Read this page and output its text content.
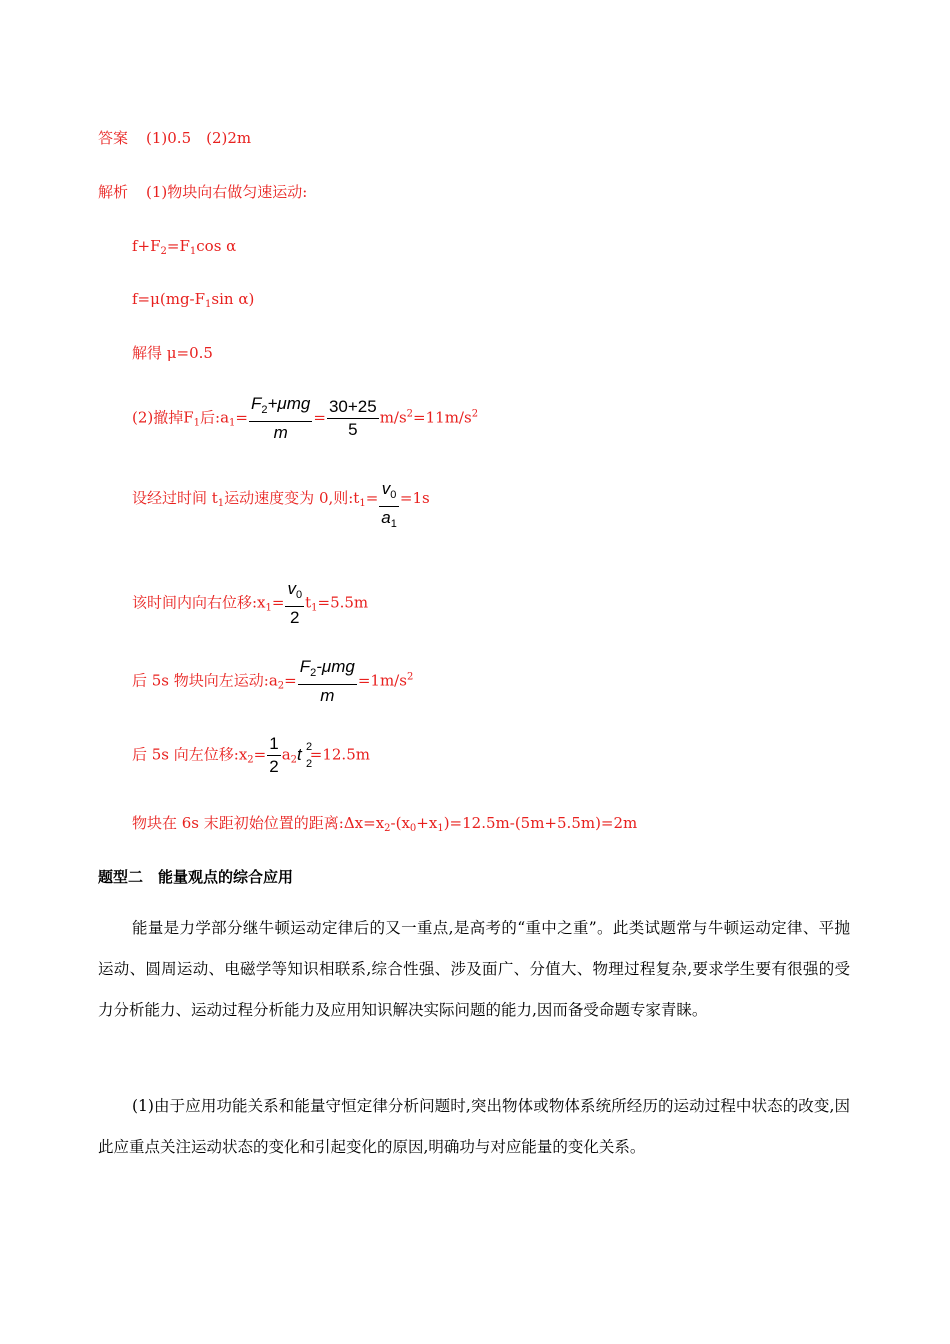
答案 (1)0.5　(2)2m
解析 (1)物块向右做匀速运动:
$f+F_2=F_1\cos$ α
$f=\mu(mg-F_1\sin$ α)
解得 μ=0.5
(2)撤掉$F_1$后$:a_1= \frac{F_2+\mu mg}{m} = \frac{30+25}{5} m/s^2=11m/s^2$
设经过时间 $t_1$运动速度变为 0,则$:t_1= \frac{v_0}{a_1} =1s$
该时间内向右位移$:x_1= \frac{v_0}{2} t_1=5.5m$
后 5s 物块向左运动$:a_2= \frac{F_2-\mu mg}{m} =1m/s^2$
后 5s 向左位移$:x_2= \frac{1}{2} a_2t$ 2
2
=12.5m
物块在 6s 末距初始位置的距离$:\Delta x=x_2-(x_0+x_1)=12.5m-(5m+5.5m)=2m$
题型二　能量观点的综合应用
能量是力学部分继牛顿运动定律后的又一重点,是高考的“重中之重”。此类试题常与牛顿运动定律、平抛运动、圆周运动、电磁学等知识相联系,综合性强、涉及面广、分值大、物理过程复杂,要求学生要有很强的受力分析能力、运动过程分析能力及应用知识解决实际问题的能力,因而备受命题专家青睐。
(1)由于应用功能关系和能量守恒定律分析问题时,突出物体或物体系统所经历的运动过程中状态的改变,因此应重点关注运动状态的变化和引起变化的原因,明确功与对应能量的变化关系。
